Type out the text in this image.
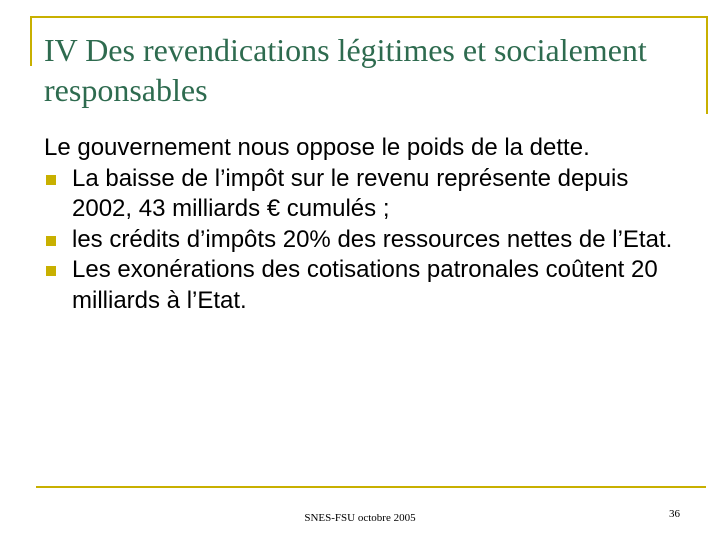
IV Des revendications légitimes et socialement responsables

Le gouvernement nous oppose le poids de la dette.

La baisse de l’impôt sur le revenu représente depuis 2002, 43 milliards € cumulés ;
les crédits d’impôts 20% des ressources nettes de l’Etat.
Les exonérations des cotisations patronales coûtent 20 milliards à l’Etat.
SNES-FSU octobre 2005	36
